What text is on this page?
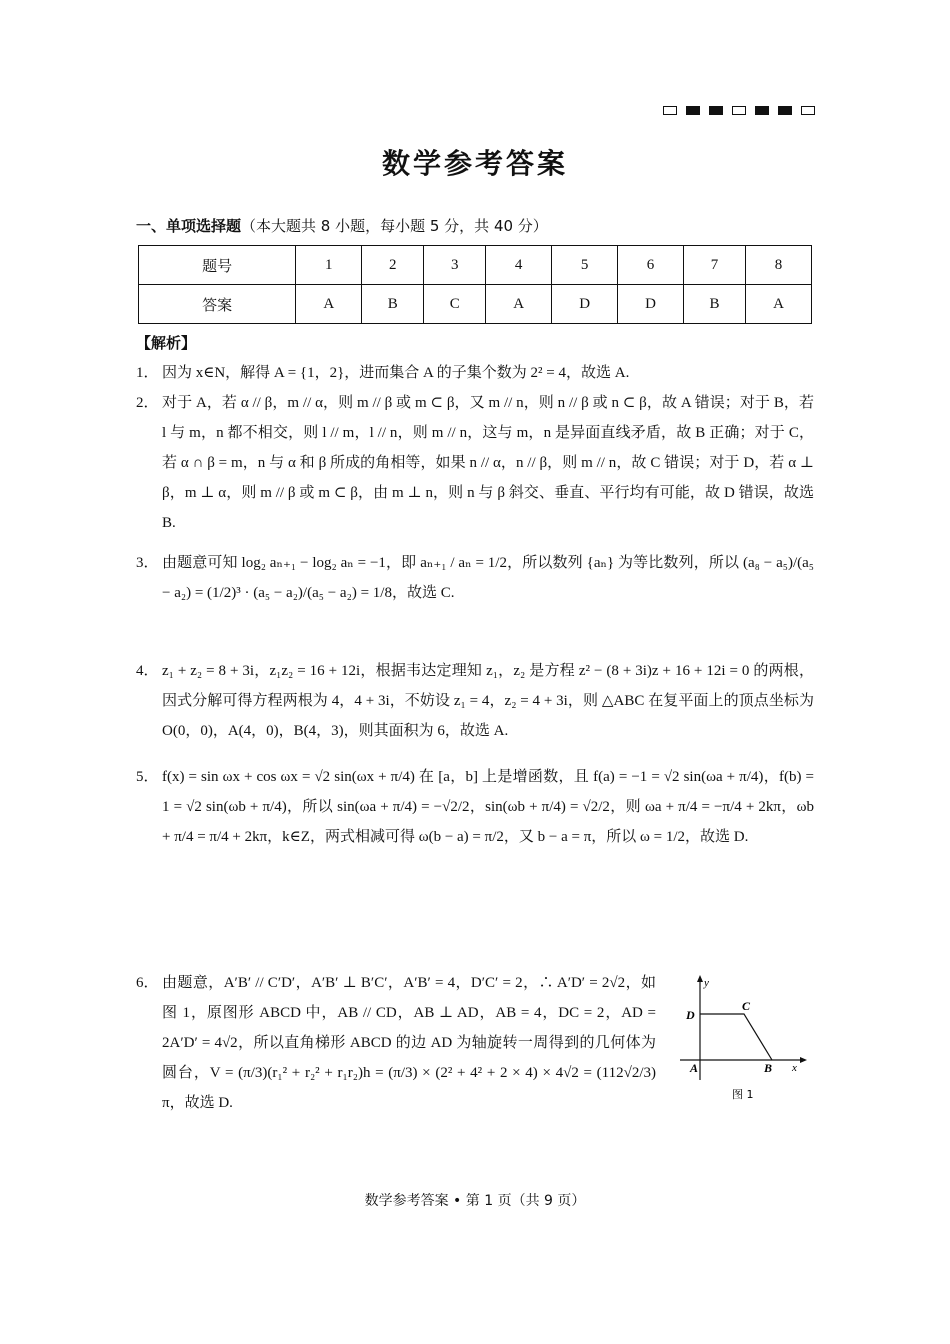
数学参考答案
一、单项选择题（本大题共 8 小题，每小题 5 分，共 40 分）
题号	1	2	3	4	5	6	7	8
答案	A	B	C	A	D	D	B	A
【解析】
1． 因为 x∈N，解得 A = {1，2}，进而集合 A 的子集个数为 2² = 4，故选 A.
2． 对于 A，若 α // β，m // α，则 m // β 或 m ⊂ β，又 m // n，则 n // β 或 n ⊂ β，故 A 错误；对于 B，若 l 与 m，n 都不相交，则 l // m，l // n，则 m // n，这与 m，n 是异面直线矛盾，故 B 正确；对于 C，若 α ∩ β = m，n 与 α 和 β 所成的角相等，如果 n // α，n // β，则 m // n，故 C 错误；对于 D，若 α ⊥ β，m ⊥ α，则 m // β 或 m ⊂ β，由 m ⊥ n，则 n 与 β 斜交、垂直、平行均有可能，故 D 错误，故选 B.
3． 由题意可知 log₂ aₙ₊₁ − log₂ aₙ = −1，即 aₙ₊₁ / aₙ = 1/2，所以数列 {aₙ} 为等比数列，所以 (a₈ − a₅)/(a₅ − a₂) = (1/2)³ · (a₅ − a₂)/(a₅ − a₂) = 1/8，故选 C.
4． z₁ + z₂ = 8 + 3i，z₁z₂ = 16 + 12i，根据韦达定理知 z₁，z₂ 是方程 z² − (8 + 3i)z + 16 + 12i = 0 的两根，因式分解可得方程两根为 4，4 + 3i，不妨设 z₁ = 4，z₂ = 4 + 3i，则 △ABC 在复平面上的顶点坐标为 O(0，0)，A(4，0)，B(4，3)，则其面积为 6，故选 A.
5． f(x) = sin ωx + cos ωx = √2 sin(ωx + π/4) 在 [a，b] 上是增函数，且 f(a) = −1 = √2 sin(ωa + π/4)，f(b) = 1 = √2 sin(ωb + π/4)，所以 sin(ωa + π/4) = −√2/2，sin(ωb + π/4) = √2/2，则 ωa + π/4 = −π/4 + 2kπ，ωb + π/4 = π/4 + 2kπ，k∈Z，两式相减可得 ω(b − a) = π/2，又 b − a = π，所以 ω = 1/2，故选 D.
6． 由题意，A′B′ // C′D′，A′B′ ⊥ B′C′，A′B′ = 4，D′C′ = 2，∴ A′D′ = 2√2，如图 1，原图形 ABCD 中，AB // CD，AB ⊥ AD，AB = 4，DC = 2，AD = 2A′D′ = 4√2，所以直角梯形 ABCD 的边 AD 为轴旋转一周得到的几何体为圆台，V = (π/3)(r₁² + r₂² + r₁r₂)h = (π/3) × (2² + 4² + 2 × 4) × 4√2 = (112√2/3) π，故选 D.
y
x
D
C
A	B
图 1
数学参考答案 • 第 1 页（共 9 页）
